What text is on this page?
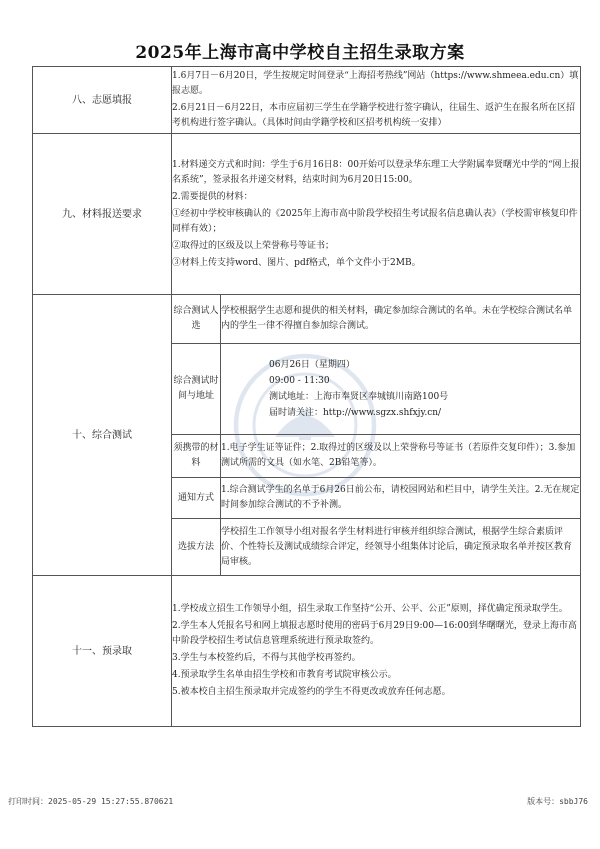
2025年上海市高中学校自主招生录取方案
八、志愿填报	

1.6月7日－6月20日，学生按规定时间登录“上海招考热线”网站（https://www.shmeea.edu.cn）填报志愿。

2.6月21日－6月22日，本市应届初三学生在学籍学校进行签字确认，往届生、返沪生在报名所在区招考机构进行签字确认。（具体时间由学籍学校和区招考机构统一安排）

九、材料报送要求	

1.材料递交方式和时间：学生于6月16日8：00开始可以登录华东理工大学附属奉贤曙光中学的“网上报名系统”，签录报名并递交材料，结束时间为6月20日15:00。

2.需要提供的材料：

①经初中学校审核确认的《2025年上海市高中阶段学校招生考试报名信息确认表》（学校需审核复印件同样有效）；

②取得过的区级及以上荣誉称号等证书；

③材料上传支持word、图片、pdf格式，单个文件小于2MB。

十、综合测试	
综合测试人选	学校根据学生志愿和提供的相关材料，确定参加综合测试的名单。未在学校综合测试名单内的学生一律不得擅自参加综合测试。
综合测试时间与地址	

06月26日（星期四）

09:00 - 11:30

测试地址：上海市奉贤区奉城镇川南路100号

届时请关注：http://www.sgzx.shfxjy.cn/

须携带的材料	1.电子学生证等证件；2.取得过的区级及以上荣誉称号等证书（若原件交复印件）；3.参加测试所需的文具（如水笔、2B铅笔等）。
通知方式	1.综合测试学生的名单于6月26日前公布，请校园网站和栏目中，请学生关注。2.无在规定时间参加综合测试的不予补测。
选拔方法	学校招生工作领导小组对报名学生材料进行审核并组织综合测试，根据学生综合素质评价、个性特长及测试成绩综合评定，经领导小组集体讨论后，确定预录取名单并按区教育局审核。

十一、预录取	

1.学校成立招生工作领导小组，招生录取工作坚持“公开、公平、公正”原则，择优确定预录取学生。

2.学生本人凭报名号和网上填报志愿时使用的密码于6月29日9:00—16:00到华曙曙光，登录上海市高中阶段学校招生考试信息管理系统进行预录取签约。

3.学生与本校签约后，不得与其他学校再签约。

4.预录取学生名单由招生学校和市教育考试院审核公示。

5.被本校自主招生预录取并完成签约的学生不得更改或放弃任何志愿。

打印时间：2025-05-29 15:27:55.870621	版本号：sbbJ76
